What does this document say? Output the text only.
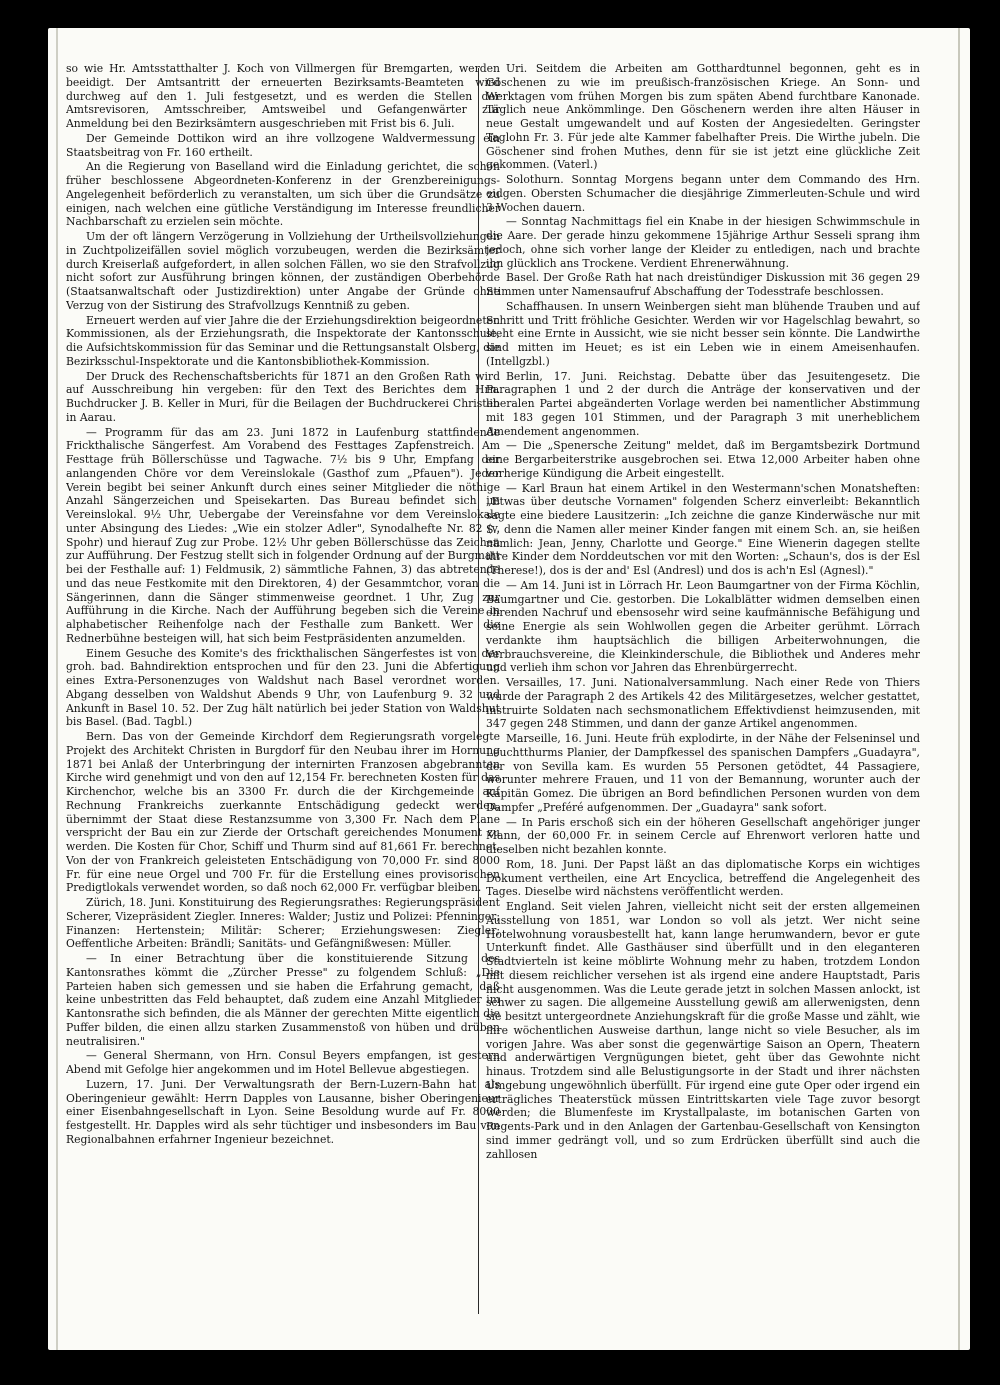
so wie Hr. Amtsstatthalter J. Koch von Villmergen für Bremgarten, werden beeidigt. Der Amtsantritt der erneuerten Bezirksamts-Beamteten wird durchweg auf den 1. Juli festgesetzt, und es werden die Stellen der Amtsrevisoren, Amtsschreiber, Amtsweibel und Gefangenwärter zur Anmeldung bei den Bezirksämtern ausgeschrieben mit Frist bis 6. Juli.

Der Gemeinde Dottikon wird an ihre vollzogene Waldvermessung ein Staatsbeitrag von Fr. 160 ertheilt.

An die Regierung von Baselland wird die Einladung gerichtet, die schon früher beschlossene Abgeordneten-Konferenz in der Grenzbereinigungs-Angelegenheit beförderlich zu veranstalten, um sich über die Grundsätze zu einigen, nach welchen eine gütliche Verständigung im Interesse freundlicher Nachbarschaft zu erzielen sein möchte.

Um der oft längern Verzögerung in Vollziehung der Urtheilsvollziehungen in Zuchtpolizeifällen soviel möglich vorzubeugen, werden die Bezirksämter durch Kreiserlaß aufgefordert, in allen solchen Fällen, wo sie den Strafvollzug nicht sofort zur Ausführung bringen können, der zuständigen Oberbehörde (Staatsanwaltschaft oder Justizdirektion) unter Angabe der Gründe ohne Verzug von der Sistirung des Strafvollzugs Kenntniß zu geben.

Erneuert werden auf vier Jahre die der Erziehungsdirektion beigeordneten Kommissionen, als der Erziehungsrath, die Inspektorate der Kantonsschule, die Aufsichtskommission für das Seminar und die Rettungsanstalt Olsberg, die Bezirksschul-Inspektorate und die Kantonsbibliothek-Kommission.

Der Druck des Rechenschaftsberichts für 1871 an den Großen Rath wird auf Ausschreibung hin vergeben: für den Text des Berichtes dem Hrn. Buchdrucker J. B. Keller in Muri, für die Beilagen der Buchdruckerei Christen in Aarau.

— Programm für das am 23. Juni 1872 in Laufenburg stattfindende Frickthalische Sängerfest. Am Vorabend des Festtages Zapfenstreich. Am Festtage früh Böllerschüsse und Tagwache. 7½ bis 9 Uhr, Empfang der anlangenden Chöre vor dem Vereinslokale (Gasthof zum „Pfauen"). Jeder Verein begibt bei seiner Ankunft durch eines seiner Mitglieder die nöthige Anzahl Sängerzeichen und Speisekarten. Das Bureau befindet sich im Vereinslokal. 9½ Uhr, Uebergabe der Vereinsfahne vor dem Vereinslokale unter Absingung des Liedes: „Wie ein stolzer Adler", Synodalhefte Nr. 82 (v. Spohr) und hierauf Zug zur Probe. 12½ Uhr geben Böllerschüsse das Zeichen zur Aufführung. Der Festzug stellt sich in folgender Ordnung auf der Burgmatt bei der Festhalle auf: 1) Feldmusik, 2) sämmtliche Fahnen, 3) das abtretende und das neue Festkomite mit den Direktoren, 4) der Gesammtchor, voran die Sängerinnen, dann die Sänger stimmenweise geordnet. 1 Uhr, Zug zur Aufführung in die Kirche. Nach der Aufführung begeben sich die Vereine in alphabetischer Reihenfolge nach der Festhalle zum Bankett. Wer die Rednerbühne besteigen will, hat sich beim Festpräsidenten anzumelden.

Einem Gesuche des Komite's des frickthalischen Sängerfestes ist von der groh. bad. Bahndirektion entsprochen und für den 23. Juni die Abfertigung eines Extra-Personenzuges von Waldshut nach Basel verordnet worden. Abgang desselben von Waldshut Abends 9 Uhr, von Laufenburg 9. 32 und Ankunft in Basel 10. 52. Der Zug hält natürlich bei jeder Station von Waldshut bis Basel. (Bad. Tagbl.)

Bern. Das von der Gemeinde Kirchdorf dem Regierungsrath vorgelegte Projekt des Architekt Christen in Burgdorf für den Neubau ihrer im Hornung 1871 bei Anlaß der Unterbringung der internirten Franzosen abgebrannten Kirche wird genehmigt und von den auf 12,154 Fr. berechneten Kosten für das Kirchenchor, welche bis an 3300 Fr. durch die der Kirchgemeinde auf Rechnung Frankreichs zuerkannte Entschädigung gedeckt werden, übernimmt der Staat diese Restanzsumme von 3,300 Fr. Nach dem Plane verspricht der Bau ein zur Zierde der Ortschaft gereichendes Monument zu werden. Die Kosten für Chor, Schiff und Thurm sind auf 81,661 Fr. berechnet. Von der von Frankreich geleisteten Entschädigung von 70,000 Fr. sind 8000 Fr. für eine neue Orgel und 700 Fr. für die Erstellung eines provisorischen Predigtlokals verwendet worden, so daß noch 62,000 Fr. verfügbar bleiben.

Zürich, 18. Juni. Konstituirung des Regierungsrathes: Regierungspräsident Scherer, Vizepräsident Ziegler. Inneres: Walder; Justiz und Polizei: Pfenninger; Finanzen: Hertenstein; Militär: Scherer; Erziehungswesen: Ziegler; Oeffentliche Arbeiten: Brändli; Sanitäts- und Gefängnißwesen: Müller.

— In einer Betrachtung über die konstituierende Sitzung des Kantonsrathes kömmt die „Zürcher Presse" zu folgendem Schluß: „Die Parteien haben sich gemessen und sie haben die Erfahrung gemacht, daß keine unbestritten das Feld behauptet, daß zudem eine Anzahl Mitglieder im Kantonsrathe sich befinden, die als Männer der gerechten Mitte eigentlich die Puffer bilden, die einen allzu starken Zusammenstoß von hüben und drüben neutralisiren."

— General Shermann, von Hrn. Consul Beyers empfangen, ist gestern Abend mit Gefolge hier angekommen und im Hotel Bellevue abgestiegen.

Luzern, 17. Juni. Der Verwaltungsrath der Bern-Luzern-Bahn hat als Oberingenieur gewählt: Herrn Dapples von Lausanne, bisher Oberingenieur einer Eisenbahngesellschaft in Lyon. Seine Besoldung wurde auf Fr. 8000 festgestellt. Hr. Dapples wird als sehr tüchtiger und insbesonders im Bau von Regionalbahnen erfahrner Ingenieur bezeichnet.

Uri. Seitdem die Arbeiten am Gotthardtunnel begonnen, geht es in Göschenen zu wie im preußisch-französischen Kriege. An Sonn- und Werktagen vom frühen Morgen bis zum späten Abend furchtbare Kanonade. Täglich neue Ankömmlinge. Den Göschenern werden ihre alten Häuser in neue Gestalt umgewandelt und auf Kosten der Angesiedelten. Geringster Taglohn Fr. 3. Für jede alte Kammer fabelhafter Preis. Die Wirthe jubeln. Die Göschener sind frohen Muthes, denn für sie ist jetzt eine glückliche Zeit gekommen. (Vaterl.)

Solothurn. Sonntag Morgens begann unter dem Commando des Hrn. eidgen. Obersten Schumacher die diesjährige Zimmerleuten-Schule und wird 3 Wochen dauern.

— Sonntag Nachmittags fiel ein Knabe in der hiesigen Schwimmschule in die Aare. Der gerade hinzu gekommene 15jährige Arthur Sesseli sprang ihm jedoch, ohne sich vorher lange der Kleider zu entledigen, nach und brachte ihn glücklich ans Trockene. Verdient Ehrenerwähnung.

Basel. Der Große Rath hat nach dreistündiger Diskussion mit 36 gegen 29 Stimmen unter Namensaufruf Abschaffung der Todesstrafe beschlossen.

Schaffhausen. In unsern Weinbergen sieht man blühende Trauben und auf Schritt und Tritt fröhliche Gesichter. Werden wir vor Hagelschlag bewahrt, so steht eine Ernte in Aussicht, wie sie nicht besser sein könnte. Die Landwirthe sind mitten im Heuet; es ist ein Leben wie in einem Ameisenhaufen. (Intellgzbl.)

Berlin, 17. Juni. Reichstag. Debatte über das Jesuitengesetz. Die Paragraphen 1 und 2 der durch die Anträge der konservativen und der liberalen Partei abgeänderten Vorlage werden bei namentlicher Abstimmung mit 183 gegen 101 Stimmen, und der Paragraph 3 mit unerheblichem Amendement angenommen.

— Die „Spenersche Zeitung" meldet, daß im Bergamtsbezirk Dortmund eine Bergarbeiterstrike ausgebrochen sei. Etwa 12,000 Arbeiter haben ohne vorherige Kündigung die Arbeit eingestellt.

— Karl Braun hat einem Artikel in den Westermann'schen Monatsheften: „Etwas über deutsche Vornamen" folgenden Scherz einverleibt: Bekanntlich sagte eine biedere Lausitzerin: „Ich zeichne die ganze Kinderwäsche nur mit S., denn die Namen aller meiner Kinder fangen mit einem Sch. an, sie heißen nämlich: Jean, Jenny, Charlotte und George." Eine Wienerin dagegen stellte ihre Kinder dem Norddeutschen vor mit den Worten: „Schaun's, dos is der Esl (Therese!), dos is der and' Esl (Andresl) und dos is ach'n Esl (Agnesl)."

— Am 14. Juni ist in Lörrach Hr. Leon Baumgartner von der Firma Köchlin, Baumgartner und Cie. gestorben. Die Lokalblätter widmen demselben einen ehrenden Nachruf und ebensosehr wird seine kaufmännische Befähigung und seine Energie als sein Wohlwollen gegen die Arbeiter gerühmt. Lörrach verdankte ihm hauptsächlich die billigen Arbeiterwohnungen, die Verbrauchsvereine, die Kleinkinderschule, die Bibliothek und Anderes mehr und verlieh ihm schon vor Jahren das Ehrenbürgerrecht.

Versailles, 17. Juni. Nationalversammlung. Nach einer Rede von Thiers wurde der Paragraph 2 des Artikels 42 des Militärgesetzes, welcher gestattet, instruirte Soldaten nach sechsmonatlichem Effektivdienst heimzusenden, mit 347 gegen 248 Stimmen, und dann der ganze Artikel angenommen.

Marseille, 16. Juni. Heute früh explodirte, in der Nähe der Felseninsel und Leuchtthurms Planier, der Dampfkessel des spanischen Dampfers „Guadayra", der von Sevilla kam. Es wurden 55 Personen getödtet, 44 Passagiere, worunter mehrere Frauen, und 11 von der Bemannung, worunter auch der Kapitän Gomez. Die übrigen an Bord befindlichen Personen wurden von dem Dampfer „Preféré aufgenommen. Der „Guadayra" sank sofort.

— In Paris erschoß sich ein der höheren Gesellschaft angehöriger junger Mann, der 60,000 Fr. in seinem Cercle auf Ehrenwort verloren hatte und dieselben nicht bezahlen konnte.

Rom, 18. Juni. Der Papst läßt an das diplomatische Korps ein wichtiges Dokument vertheilen, eine Art Encyclica, betreffend die Angelegenheit des Tages. Dieselbe wird nächstens veröffentlicht werden.

England. Seit vielen Jahren, vielleicht nicht seit der ersten allgemeinen Ausstellung von 1851, war London so voll als jetzt. Wer nicht seine Hotelwohnung vorausbestellt hat, kann lange herumwandern, bevor er gute Unterkunft findet. Alle Gasthäuser sind überfüllt und in den eleganteren Stadtvierteln ist keine möblirte Wohnung mehr zu haben, trotzdem London mit diesem reichlicher versehen ist als irgend eine andere Hauptstadt, Paris nicht ausgenommen. Was die Leute gerade jetzt in solchen Massen anlockt, ist schwer zu sagen. Die allgemeine Ausstellung gewiß am allerwenigsten, denn sie besitzt untergeordnete Anziehungskraft für die große Masse und zählt, wie ihre wöchentlichen Ausweise darthun, lange nicht so viele Besucher, als im vorigen Jahre. Was aber sonst die gegenwärtige Saison an Opern, Theatern und anderwärtigen Vergnügungen bietet, geht über das Gewohnte nicht hinaus. Trotzdem sind alle Belustigungsorte in der Stadt und ihrer nächsten Umgebung ungewöhnlich überfüllt. Für irgend eine gute Oper oder irgend ein erträgliches Theaterstück müssen Eintrittskarten viele Tage zuvor besorgt werden; die Blumenfeste im Krystallpalaste, im botanischen Garten von Regents-Park und in den Anlagen der Gartenbau-Gesellschaft von Kensington sind immer gedrängt voll, und so zum Erdrücken überfüllt sind auch die zahllosen
